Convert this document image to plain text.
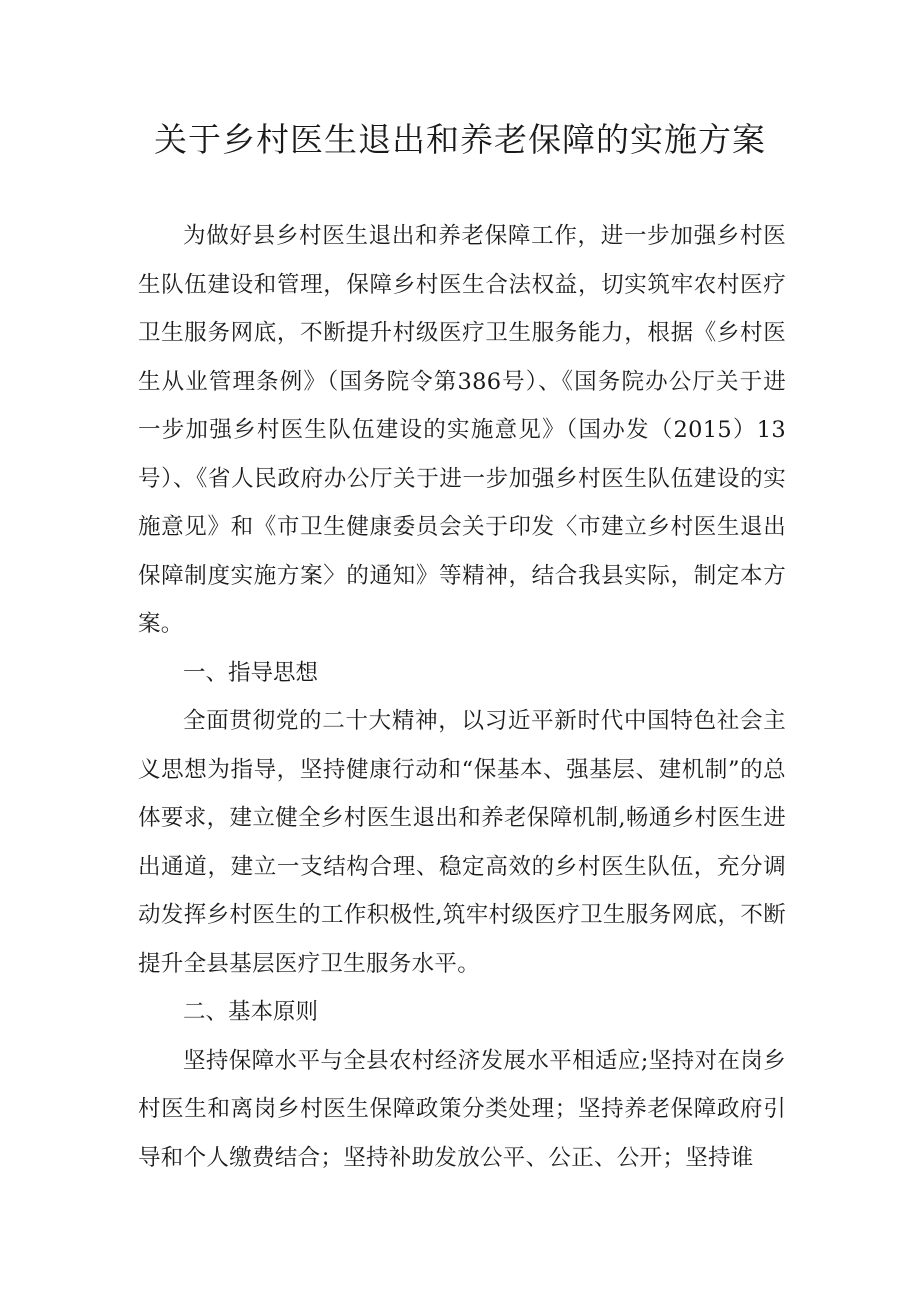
关于乡村医生退出和养老保障的实施方案

为做好县乡村医生退出和养老保障工作，进一步加强乡村医生队伍建设和管理，保障乡村医生合法权益，切实筑牢农村医疗卫生服务网底，不断提升村级医疗卫生服务能力，根据《乡村医生从业管理条例》（国务院令第386号）、《国务院办公厅关于进一步加强乡村医生队伍建设的实施意见》（国办发（2015）13号）、《省人民政府办公厅关于进一步加强乡村医生队伍建设的实施意见》和《市卫生健康委员会关于印发〈市建立乡村医生退出保障制度实施方案〉的通知》等精神，结合我县实际，制定本方案。

一、指导思想

全面贯彻党的二十大精神，以习近平新时代中国特色社会主义思想为指导，坚持健康行动和“保基本、强基层、建机制”的总体要求，建立健全乡村医生退出和养老保障机制,畅通乡村医生进出通道，建立一支结构合理、稳定高效的乡村医生队伍，充分调动发挥乡村医生的工作积极性,筑牢村级医疗卫生服务网底，不断提升全县基层医疗卫生服务水平。

二、基本原则

坚持保障水平与全县农村经济发展水平相适应;坚持对在岗乡村医生和离岗乡村医生保障政策分类处理；坚持养老保障政府引导和个人缴费结合；坚持补助发放公平、公正、公开；坚持谁
